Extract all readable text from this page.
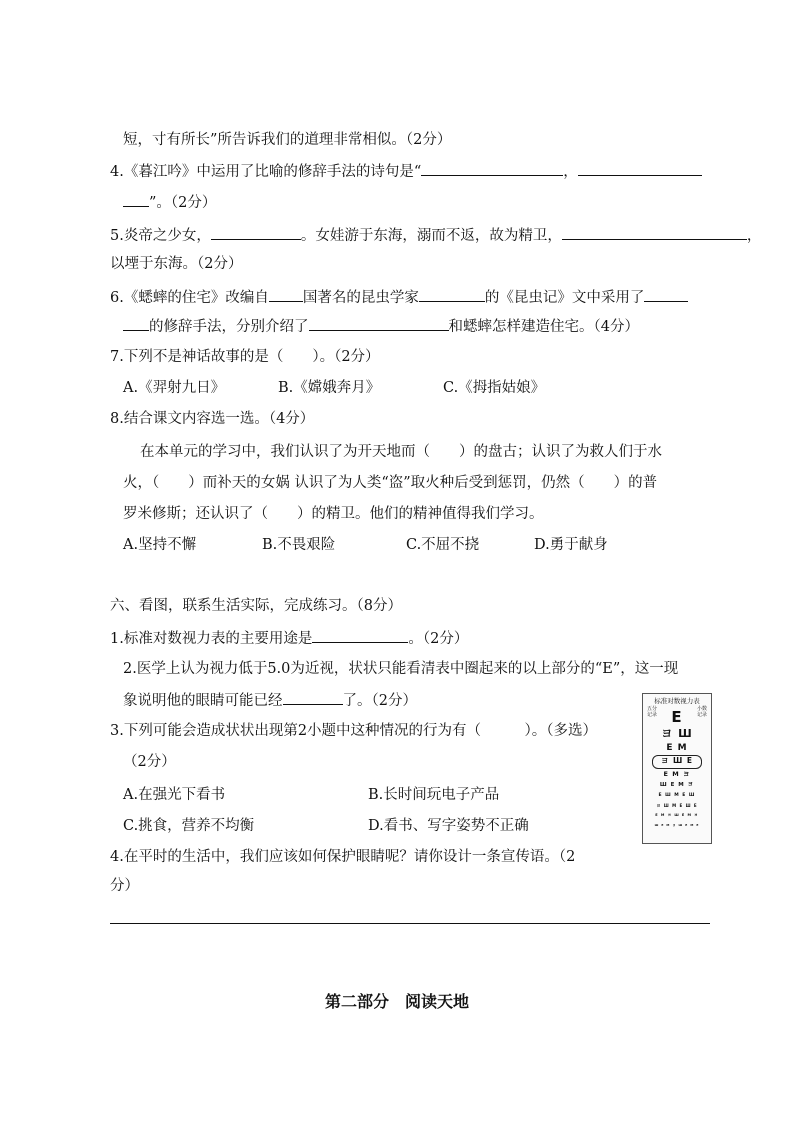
短，寸有所长”所告诉我们的道理非常相似。（2分）
4.《暮江吟》中运用了比喻的修辞手法的诗句是“	，
”。（2分）
5.炎帝之少女，	。女娃游于东海，溺而不返，故为精卫，	，
以堙于东海。（2分）
6.《蟋蟀的住宅》改编自 国著名的昆虫学家	的《昆虫记》文中采用了
的修辞手法，分别介绍了	和蟋蟀怎样建造住宅。（4分）
7.下列不是神话故事的是（　　）。（2分）
A.《羿射九日》	B.《嫦娥奔月》	C.《拇指姑娘》
8.结合课文内容选一选。（4分）
在本单元的学习中，我们认识了为开天地而（　　）的盘古；认识了为救人们于水
火，（　　）而补天的女娲 认识了为人类“盗”取火种后受到惩罚，仍然（　　）的普
罗米修斯；还认识了（　　）的精卫。他们的精神值得我们学习。
A.坚持不懈	B.不畏艰险	C.不屈不挠	D.勇于献身
六、看图，联系生活实际，完成练习。（8分）
1.标准对数视力表的主要用途是	。（2分）
2.医学上认为视力低于5.0为近视，状状只能看清表中圈起来的以上部分的“E”，这一现
象说明他的眼睛可能已经	了。（2分）
3.下列可能会造成状状出现第2小题中这种情况的行为有（　　　）。（多选）
（2分）
A.在强光下看书	B.长时间玩电子产品
C.挑食，营养不均衡	D.看书、写字姿势不正确
4.在平时的生活中，我们应该如何保护眼睛呢？请你设计一条宣传语。（2
分）
第二部分　阅读天地
标准对数视力表
五分记录
小数记录
E
ヨ Ш
E M
ヨ Ш E
E M ヨ
Ш E M ヨ
E Ш M E Ш
ヨ Ш M E Ш E
E M ヨ Ш E M ヨ
Ш E M ヨ Ш E M E
